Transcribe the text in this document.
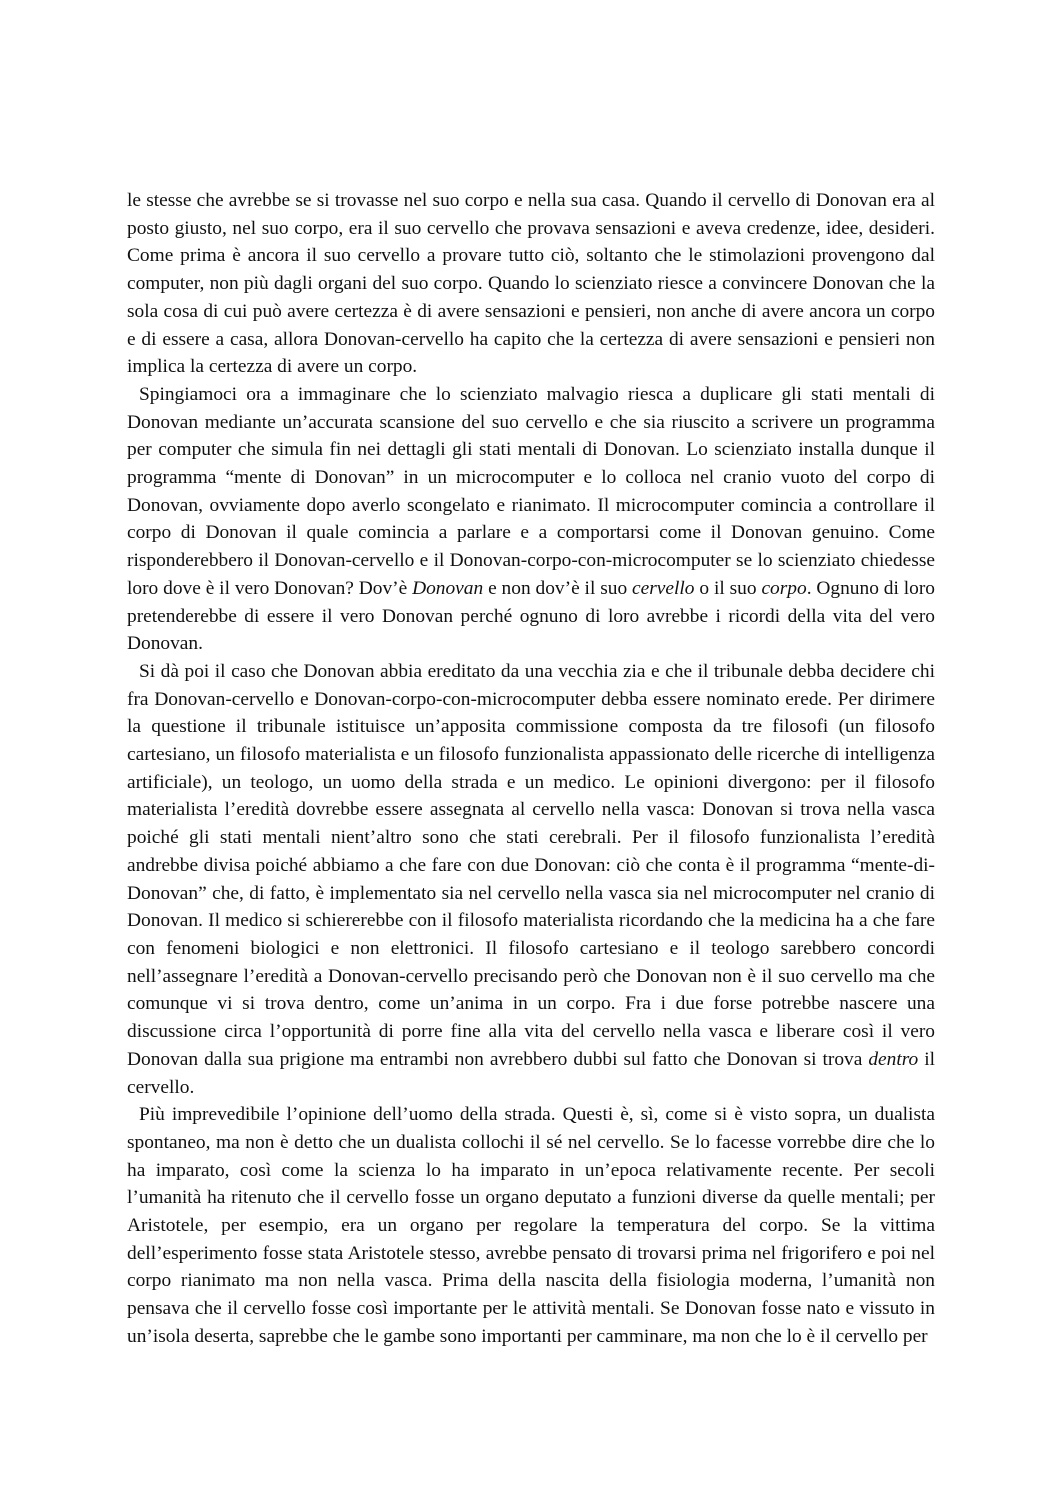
le stesse che avrebbe se si trovasse nel suo corpo e nella sua casa. Quando il cervello di Donovan era al posto giusto, nel suo corpo, era il suo cervello che provava sensazioni e aveva credenze, idee, desideri. Come prima è ancora il suo cervello a provare tutto ciò, soltanto che le stimolazioni provengono dal computer, non più dagli organi del suo corpo. Quando lo scienziato riesce a convincere Donovan che la sola cosa di cui può avere certezza è di avere sensazioni e pensieri, non anche di avere ancora un corpo e di essere a casa, allora Donovan-cervello ha capito che la certezza di avere sensazioni e pensieri non implica la certezza di avere un corpo.

Spingiamoci ora a immaginare che lo scienziato malvagio riesca a duplicare gli stati mentali di Donovan mediante un’accurata scansione del suo cervello e che sia riuscito a scrivere un programma per computer che simula fin nei dettagli gli stati mentali di Donovan. Lo scienziato installa dunque il programma “mente di Donovan” in un microcomputer e lo colloca nel cranio vuoto del corpo di Donovan, ovviamente dopo averlo scongelato e rianimato. Il microcomputer comincia a controllare il corpo di Donovan il quale comincia a parlare e a comportarsi come il Donovan genuino. Come risponderebbero il Donovan-cervello e il Donovan-corpo-con-microcomputer se lo scienziato chiedesse loro dove è il vero Donovan? Dov’è Donovan e non dov’è il suo cervello o il suo corpo. Ognuno di loro pretenderebbe di essere il vero Donovan perché ognuno di loro avrebbe i ricordi della vita del vero Donovan.

Si dà poi il caso che Donovan abbia ereditato da una vecchia zia e che il tribunale debba decidere chi fra Donovan-cervello e Donovan-corpo-con-microcomputer debba essere nominato erede. Per dirimere la questione il tribunale istituisce un’apposita commissione composta da tre filosofi (un filosofo cartesiano, un filosofo materialista e un filosofo funzionalista appassionato delle ricerche di intelligenza artificiale), un teologo, un uomo della strada e un medico. Le opinioni divergono: per il filosofo materialista l’eredità dovrebbe essere assegnata al cervello nella vasca: Donovan si trova nella vasca poiché gli stati mentali nient’altro sono che stati cerebrali. Per il filosofo funzionalista l’eredità andrebbe divisa poiché abbiamo a che fare con due Donovan: ciò che conta è il programma “mente-di-Donovan” che, di fatto, è implementato sia nel cervello nella vasca sia nel microcomputer nel cranio di Donovan. Il medico si schiererebbe con il filosofo materialista ricordando che la medicina ha a che fare con fenomeni biologici e non elettronici. Il filosofo cartesiano e il teologo sarebbero concordi nell’assegnare l’eredità a Donovan-cervello precisando però che Donovan non è il suo cervello ma che comunque vi si trova dentro, come un’anima in un corpo. Fra i due forse potrebbe nascere una discussione circa l’opportunità di porre fine alla vita del cervello nella vasca e liberare così il vero Donovan dalla sua prigione ma entrambi non avrebbero dubbi sul fatto che Donovan si trova dentro il cervello.

Più imprevedibile l’opinione dell’uomo della strada. Questi è, sì, come si è visto sopra, un dualista spontaneo, ma non è detto che un dualista collochi il sé nel cervello. Se lo facesse vorrebbe dire che lo ha imparato, così come la scienza lo ha imparato in un’epoca relativamente recente. Per secoli l’umanità ha ritenuto che il cervello fosse un organo deputato a funzioni diverse da quelle mentali; per Aristotele, per esempio, era un organo per regolare la temperatura del corpo. Se la vittima dell’esperimento fosse stata Aristotele stesso, avrebbe pensato di trovarsi prima nel frigorifero e poi nel corpo rianimato ma non nella vasca. Prima della nascita della fisiologia moderna, l’umanità non pensava che il cervello fosse così importante per le attività mentali. Se Donovan fosse nato e vissuto in un’isola deserta, saprebbe che le gambe sono importanti per camminare, ma non che lo è il cervello per
